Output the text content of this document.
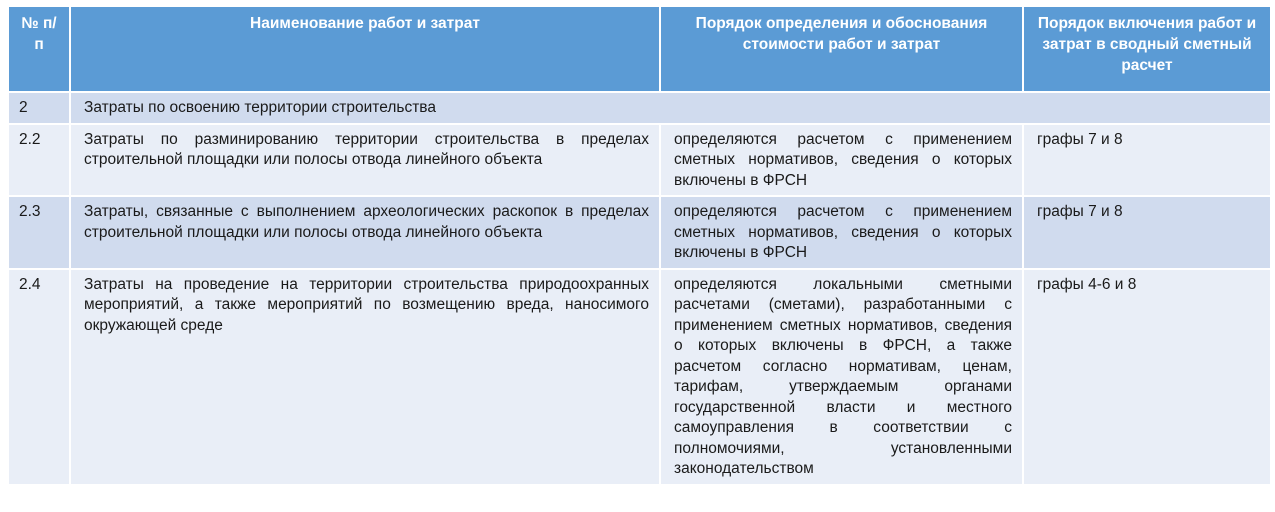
№ п/п	Наименование работ и затрат	Порядок определения и обоснования стоимости работ и затрат	Порядок включения работ и затрат в сводный сметный расчет
2	Затраты по освоению территории строительства		
2.2	Затраты по разминированию территории строительства в пределах строительной площадки или полосы отвода линейного объекта	определяются расчетом с применением сметных нормативов, сведения о которых включены в ФРСН	графы 7 и 8
2.3	Затраты, связанные с выполнением археологических раскопок в пределах строительной площадки или полосы отвода линейного объекта	определяются расчетом с применением сметных нормативов, сведения о которых включены в ФРСН	графы 7 и 8
2.4	Затраты на проведение на территории строительства природоохранных мероприятий, а также мероприятий по возмещению вреда, наносимого окружающей среде	определяются локальными сметными расчетами (сметами), разработанными с применением сметных нормативов, сведения о которых включены в ФРСН, а также расчетом согласно нормативам, ценам, тарифам, утверждаемым органами государственной власти и местного самоуправления в соответствии с полномочиями, установленными законодательством	графы 4-6 и 8
